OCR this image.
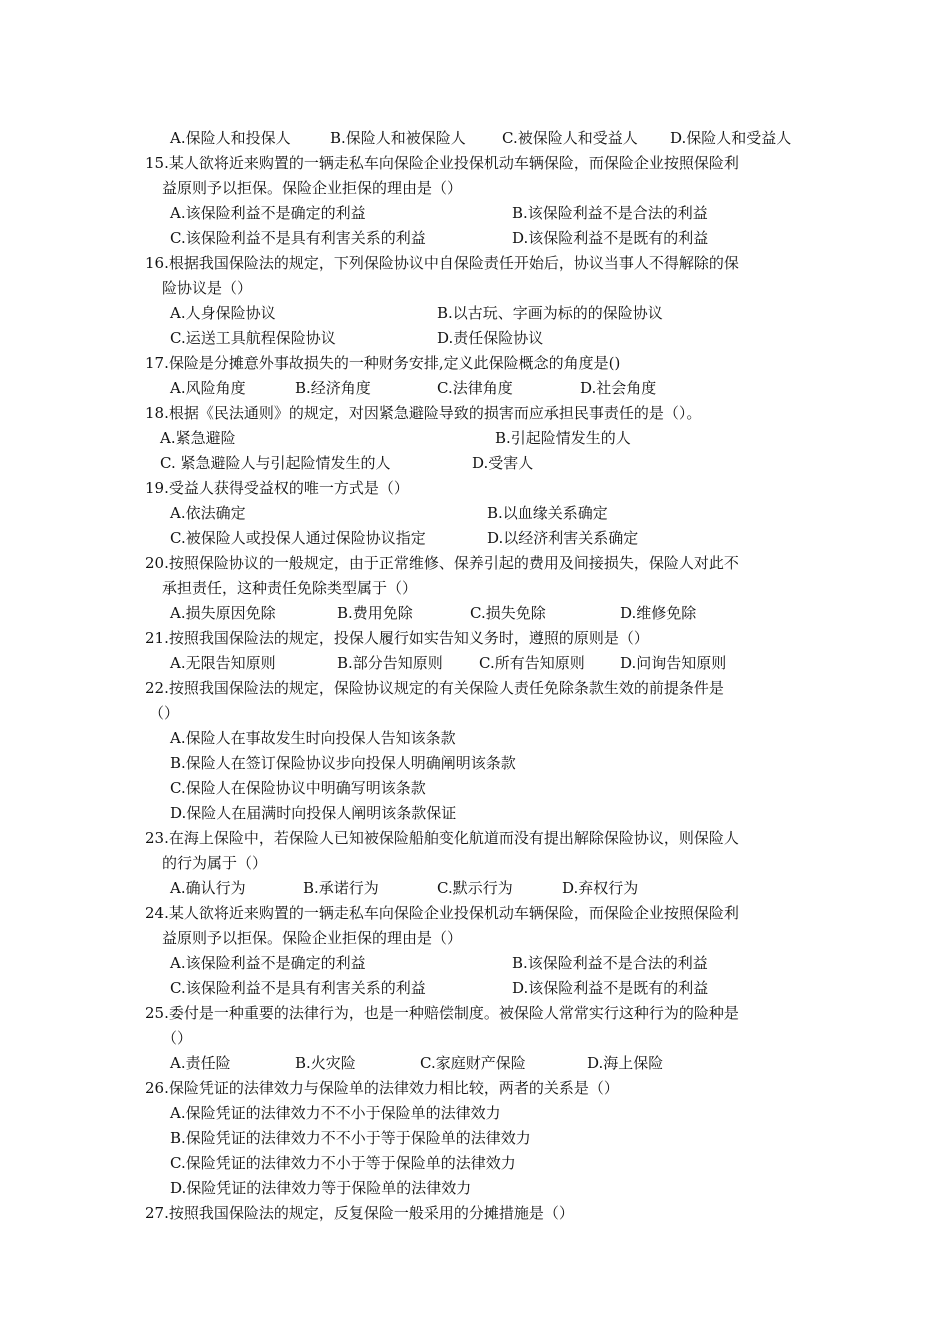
A.保险人和投保人	B.保险人和被保险人 C.被保险人和受益人 D.保险人和受益人
15.某人欲将近来购置的一辆走私车向保险企业投保机动车辆保险，而保险企业按照保险利
益原则予以拒保。保险企业拒保的理由是（）
A.该保险利益不是确定的利益	B.该保险利益不是合法的利益
C.该保险利益不是具有利害关系的利益	D.该保险利益不是既有的利益
16.根据我国保险法的规定，下列保险协议中自保险责任开始后，协议当事人不得解除的保
险协议是（）
A.人身保险协议	B.以古玩、字画为标的的保险协议
C.运送工具航程保险协议	D.责任保险协议
17.保险是分摊意外事故损失的一种财务安排,定义此保险概念的角度是()
A.风险角度	B.经济角度	C.法律角度	D.社会角度
18.根据《民法通则》的规定，对因紧急避险导致的损害而应承担民事责任的是（）。
A.紧急避险	B.引起险情发生的人
C. 紧急避险人与引起险情发生的人	D.受害人
19.受益人获得受益权的唯一方式是（）
A.依法确定	B.以血缘关系确定
C.被保险人或投保人通过保险协议指定	D.以经济利害关系确定
20.按照保险协议的一般规定，由于正常维修、保养引起的费用及间接损失，保险人对此不
承担责任，这种责任免除类型属于（）
A.损失原因免除	B.费用免除	C.损失免除	D.维修免除
21.按照我国保险法的规定，投保人履行如实告知义务时，遵照的原则是（）
A.无限告知原则	B.部分告知原则 C.所有告知原则 D.问询告知原则
22.按照我国保险法的规定，保险协议规定的有关保险人责任免除条款生效的前提条件是
（）
A.保险人在事故发生时向投保人告知该条款
B.保险人在签订保险协议步向投保人明确阐明该条款
C.保险人在保险协议中明确写明该条款
D.保险人在届满时向投保人阐明该条款保证
23.在海上保险中，若保险人已知被保险船舶变化航道而没有提出解除保险协议，则保险人
的行为属于（）
A.确认行为	B.承诺行为	C.默示行为	D.弃权行为
24.某人欲将近来购置的一辆走私车向保险企业投保机动车辆保险，而保险企业按照保险利
益原则予以拒保。保险企业拒保的理由是（）
A.该保险利益不是确定的利益	B.该保险利益不是合法的利益
C.该保险利益不是具有利害关系的利益	D.该保险利益不是既有的利益
25.委付是一种重要的法律行为，也是一种赔偿制度。被保险人常常实行这种行为的险种是
（）
A.责任险	B.火灾险	C.家庭财产保险	D.海上保险
26.保险凭证的法律效力与保险单的法律效力相比较，两者的关系是（）
A.保险凭证的法律效力不不小于保险单的法律效力
B.保险凭证的法律效力不不小于等于保险单的法律效力
C.保险凭证的法律效力不小于等于保险单的法律效力
D.保险凭证的法律效力等于保险单的法律效力
27.按照我国保险法的规定，反复保险一般采用的分摊措施是（）
